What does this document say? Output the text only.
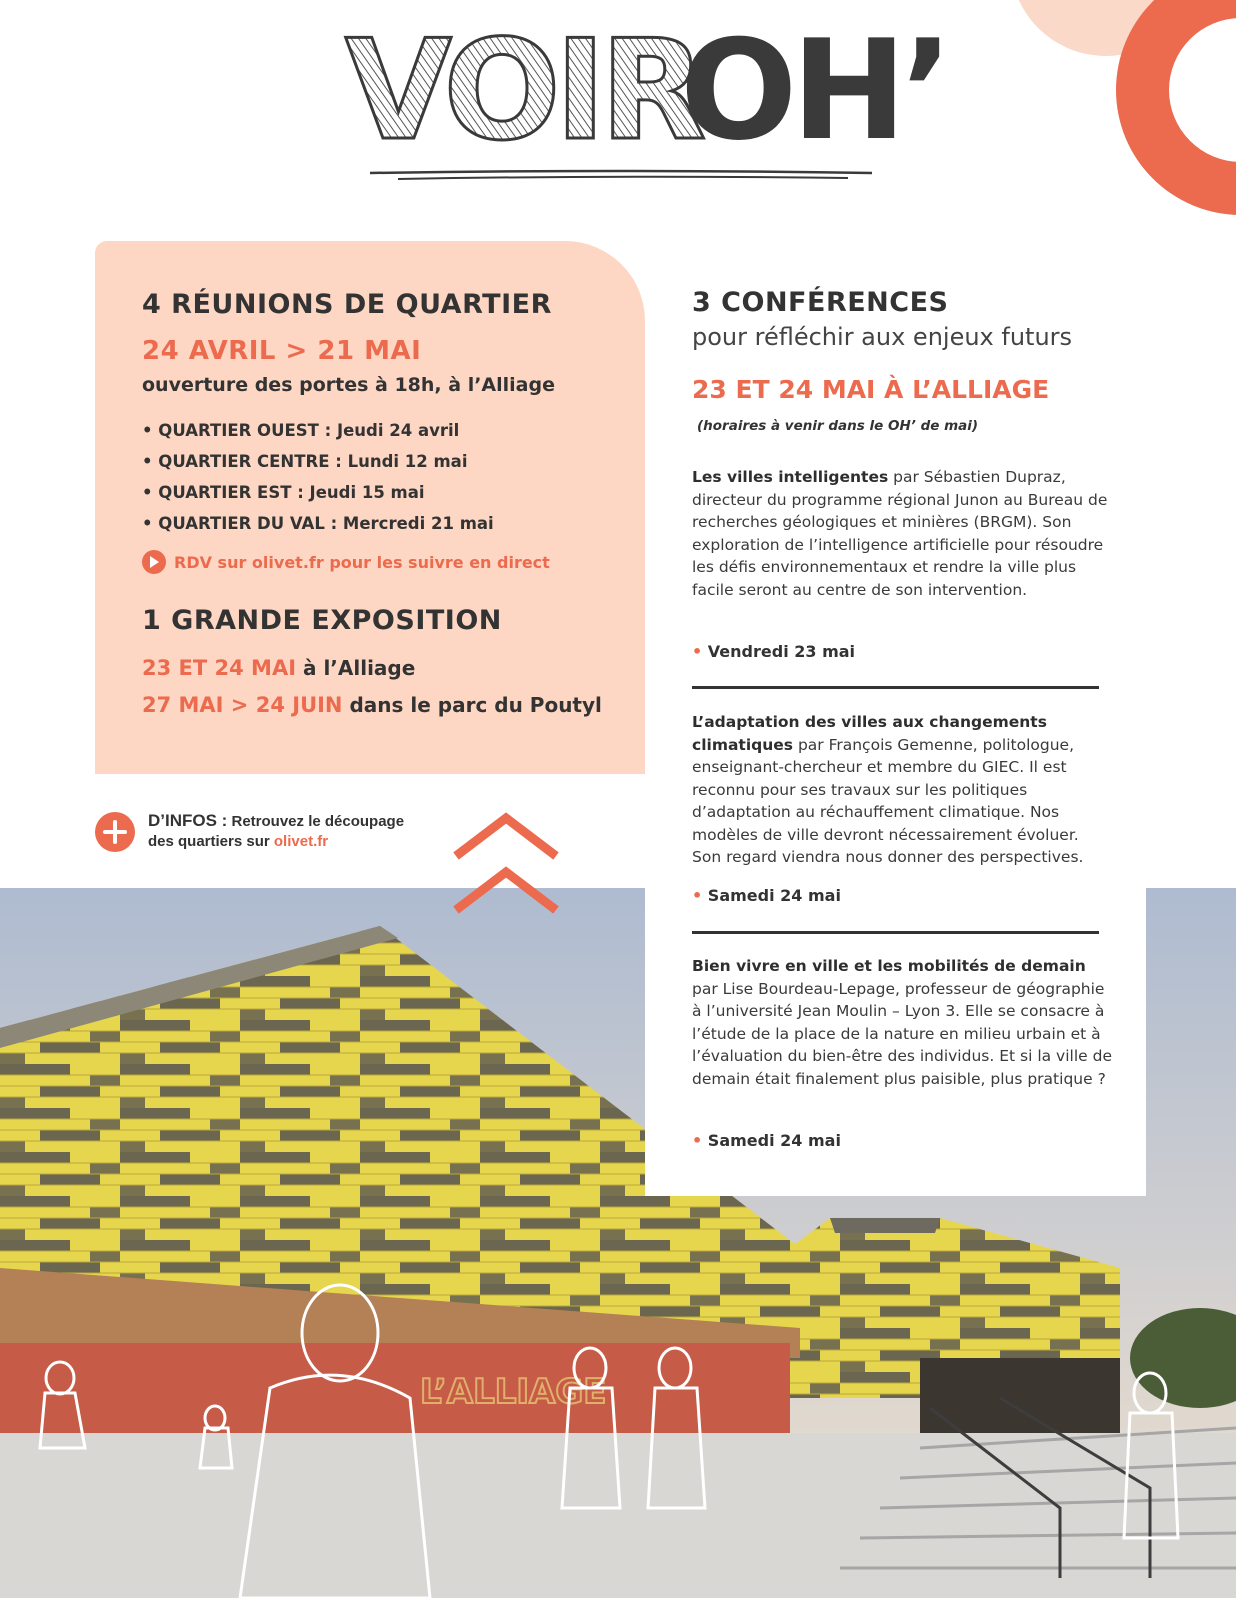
VOIR
OH’
L’ALLIAGE
4 RÉUNIONS DE QUARTIER
24 AVRIL > 21 MAI
ouverture des portes à 18h, à l’Alliage
• QUARTIER OUEST : Jeudi 24 avril
• QUARTIER CENTRE : Lundi 12 mai
• QUARTIER EST : Jeudi 15 mai
• QUARTIER DU VAL : Mercredi 21 mai
RDV sur olivet.fr pour les suivre en direct
1 GRANDE EXPOSITION
23 ET 24 MAI à l’Alliage
27 MAI > 24 JUIN dans le parc du Poutyl
D’INFOS : Retrouvez le découpage
des quartiers sur olivet.fr
3 CONFÉRENCES
pour réfléchir aux enjeux futurs
23 ET 24 MAI À L’ALLIAGE
(horaires à venir dans le OH’ de mai)
Les villes intelligentes par Sébastien Dupraz, directeur du programme régional Junon au Bureau de recherches géologiques et minières (BRGM). Son exploration de l’intelligence artificielle pour résoudre les défis environnementaux et rendre la ville plus facile seront au centre de son intervention.
• Vendredi 23 mai
L’adaptation des villes aux changements climatiques par François Gemenne, politologue, enseignant-chercheur et membre du GIEC. Il est reconnu pour ses travaux sur les politiques d’adaptation au réchauffement climatique. Nos modèles de ville devront nécessairement évoluer. Son regard viendra nous donner des perspectives.
• Samedi 24 mai
Bien vivre en ville et les mobilités de demain par Lise Bourdeau-Lepage, professeur de géographie à l’université Jean Moulin – Lyon 3. Elle se consacre à l’étude de la place de la nature en milieu urbain et à l’évaluation du bien-être des individus. Et si la ville de demain était finalement plus paisible, plus pratique ?
• Samedi 24 mai
